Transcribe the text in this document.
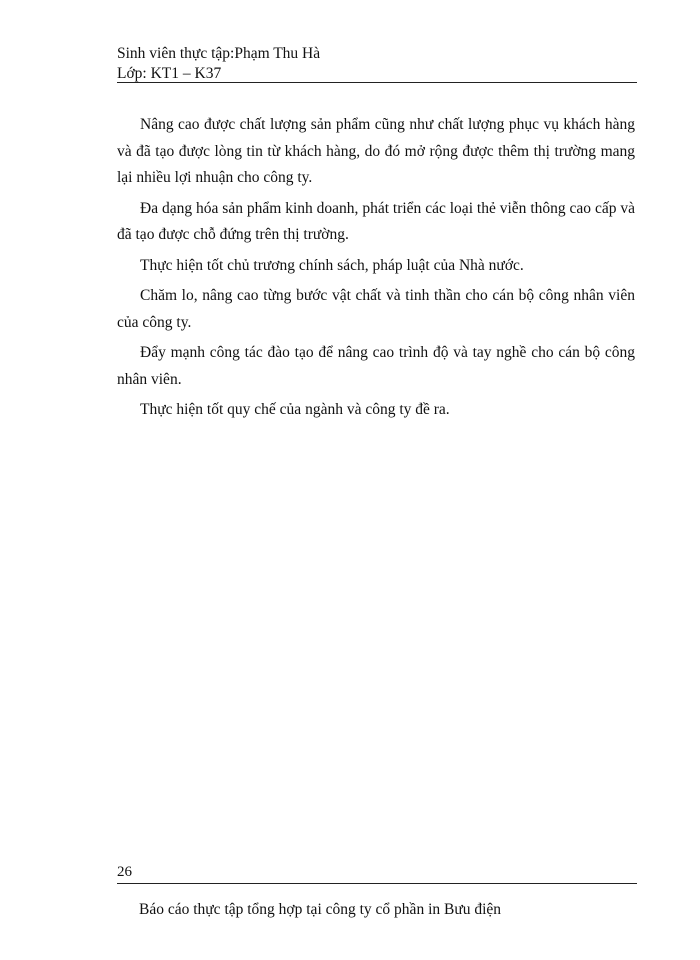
Sinh viên thực tập:Phạm Thu Hà
Lớp: KT1 – K37

Nâng cao được chất lượng sản phẩm cũng như chất lượng phục vụ khách hàng và đã tạo được lòng tin từ khách hàng, do đó mở rộng được thêm thị trường mang lại nhiều lợi nhuận cho công ty.

Đa dạng hóa sản phẩm kinh doanh, phát triển các loại thẻ viễn thông cao cấp và đã tạo được chỗ đứng trên thị trường.

Thực hiện tốt chủ trương chính sách, pháp luật của Nhà nước.

Chăm lo, nâng cao từng bước vật chất và tinh thần cho cán bộ công nhân viên của công ty.

Đẩy mạnh công tác đào tạo để nâng cao trình độ và tay nghề cho cán bộ công nhân viên.

Thực hiện tốt quy chế của ngành và công ty đề ra.

26
Báo cáo thực tập tổng hợp tại công ty cổ phần in Bưu điện
